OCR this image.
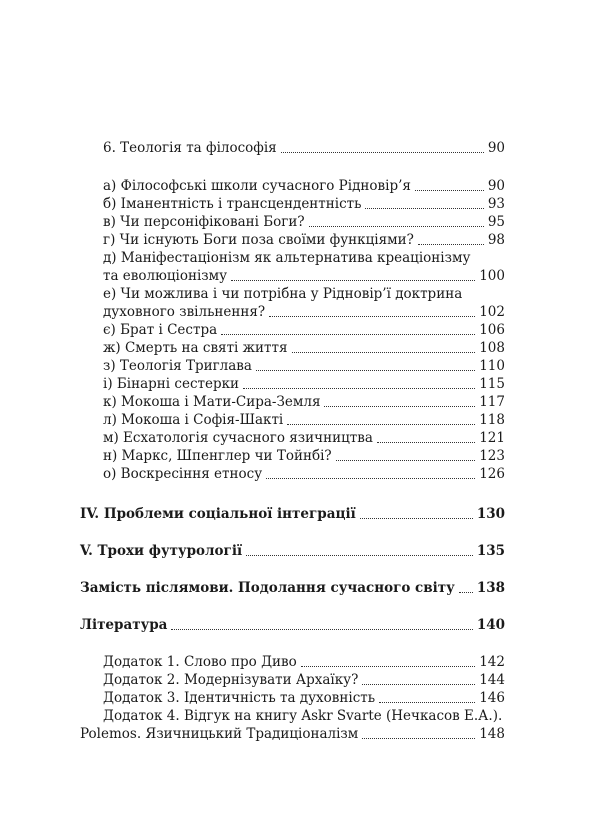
6. Теологія та філософія	90
а) Філософські школи сучасного Рідновір’я	90
б) Іманентність і трансцендентність	93
в) Чи персоніфіковані Боги?	95
г) Чи існують Боги поза своїми функціями?	98
д) Маніфестаціонізм як альтернатива креаціонізму
та еволюціонізму	100
е) Чи можлива і чи потрібна у Рідновір’ї доктрина
духовного звільнення?	102
є) Брат і Сестра	106
ж) Смерть на святі життя	108
з) Теологія Триглава	110
і) Бінарні сестерки	115
к) Мокоша і Мати-Сира-Земля	117
л) Мокоша і Софія-Шакті	118
м) Есхатологія сучасного язичництва	121
н) Маркс, Шпенглер чи Тойнбі?	123
о) Воскресіння етносу	126
IV. Проблеми соціальної інтеграції	130
V. Трохи футурології	135
Замість післямови. Подолання сучасного світу 138
Література	140
Додаток 1. Слово про Диво	142
Додаток 2. Модернізувати Архаїку?	144
Додаток 3. Ідентичність та духовність	146
Додаток 4. Відгук на книгу Askr Svarte (Нечкасов Е.А.).
Polemos. Язичницький Традиціоналізм	148
